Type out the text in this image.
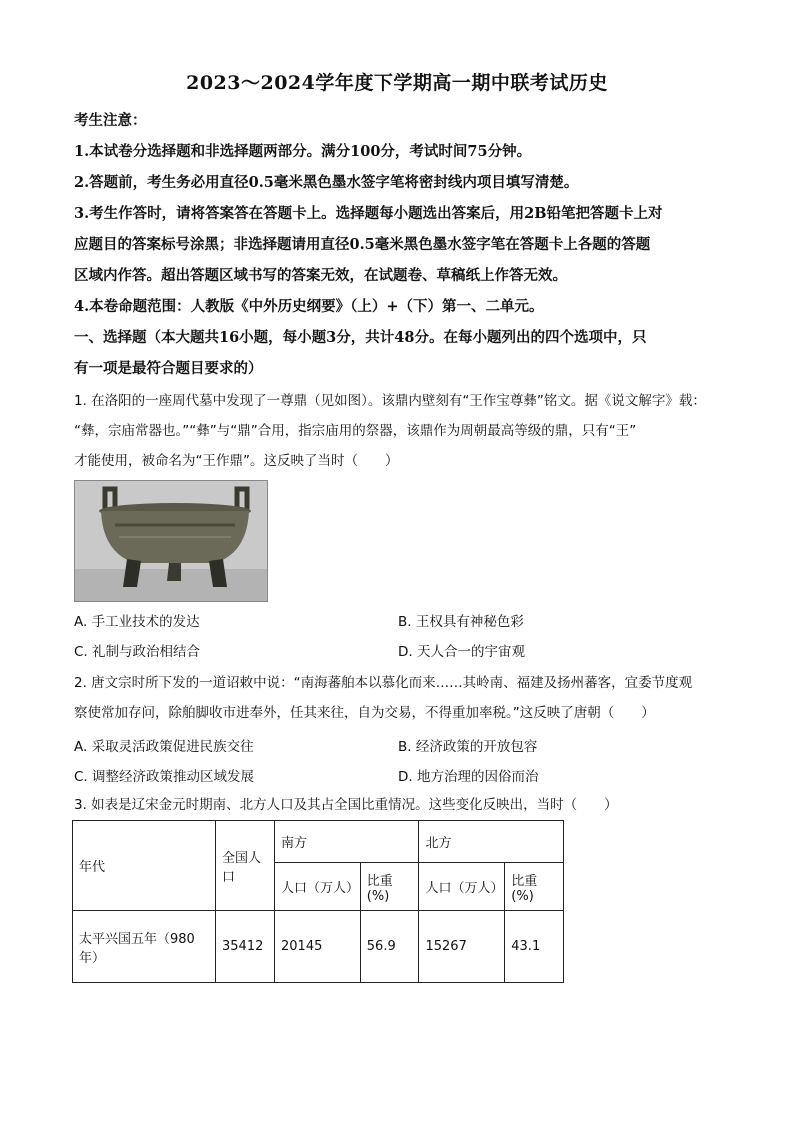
2023～2024学年度下学期高一期中联考试历史
考生注意：
1.本试卷分选择题和非选择题两部分。满分100分，考试时间75分钟。
2.答题前，考生务必用直径0.5毫米黑色墨水签字笔将密封线内项目填写清楚。
3.考生作答时，请将答案答在答题卡上。选择题每小题选出答案后，用2B铅笔把答题卡上对
应题目的答案标号涂黑；非选择题请用直径0.5毫米黑色墨水签字笔在答题卡上各题的答题
区域内作答。超出答题区域书写的答案无效，在试题卷、草稿纸上作答无效。
4.本卷命题范围：人教版《中外历史纲要》（上）+（下）第一、二单元。
一、选择题（本大题共16小题，每小题3分，共计48分。在每小题列出的四个选项中，只
有一项是最符合题目要求的）
1. 在洛阳的一座周代墓中发现了一尊鼎（见如图）。该鼎内壁刻有“王作宝尊彝”铭文。据《说文解字》载：
“彝，宗庙常器也。”“彝”与“鼎”合用，指宗庙用的祭器，该鼎作为周朝最高等级的鼎，只有“王”
才能使用，被命名为“王作鼎”。这反映了当时（　　）
A. 手工业技术的发达	B. 王权具有神秘色彩
C. 礼制与政治相结合	D. 天人合一的宇宙观
2. 唐文宗时所下发的一道诏敕中说：“南海蕃舶本以慕化而来……其岭南、福建及扬州蕃客，宜委节度观
察使常加存问，除舶脚收市进奉外，任其来往，自为交易，不得重加率税。”这反映了唐朝（　　）
A. 采取灵活政策促进民族交往	B. 经济政策的开放包容
C. 调整经济政策推动区域发展	D. 地方治理的因俗而治
3. 如表是辽宋金元时期南、北方人口及其占全国比重情况。这些变化反映出，当时（　　）
年代	全国人口	南方		北方	
		人口（万人）	比重(%)	人口（万人）	比重(%)
太平兴国五年（980年）	35412	20145	56.9	15267	43.1
